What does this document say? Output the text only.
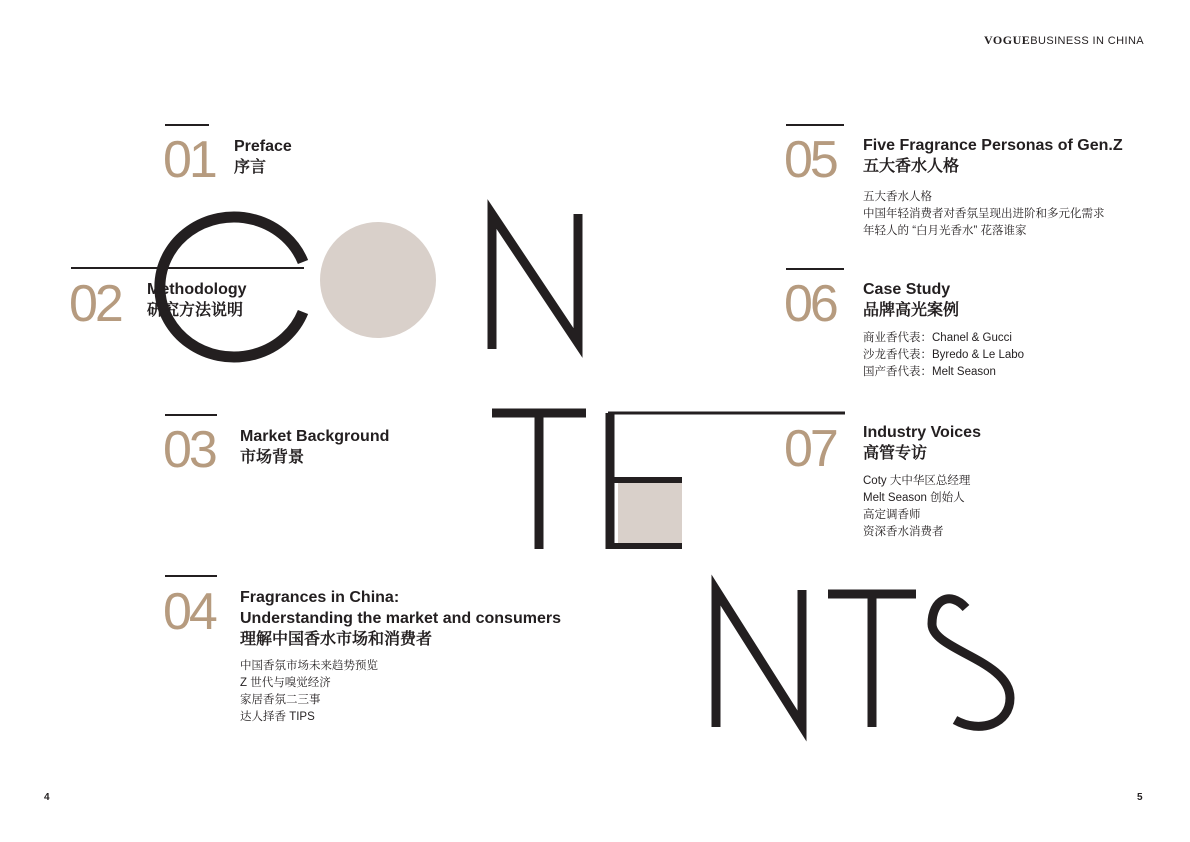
VOGUEBUSINESS IN CHINA
01 Preface
序言
02 Methodology
研究方法说明
03 Market Background
市场背景
04 Fragrances in China:
Understanding the market and consumers
理解中国香水市场和消费者
中国香氛市场未来趋势预览
Z 世代与嗅觉经济
家居香氛二三事
达人择香 TIPS
05 Five Fragrance Personas of Gen.Z
五大香水人格
五大香水人格
中国年轻消费者对香氛呈现出进阶和多元化需求
年轻人的 “白月光香水” 花落谁家
06 Case Study
品牌高光案例
商业香代表：Chanel & Gucci
沙龙香代表：Byredo & Le Labo
国产香代表：Melt Season
07 Industry Voices
高管专访
Coty 大中华区总经理
Melt Season 创始人
高定调香师
资深香水消费者
4	5
